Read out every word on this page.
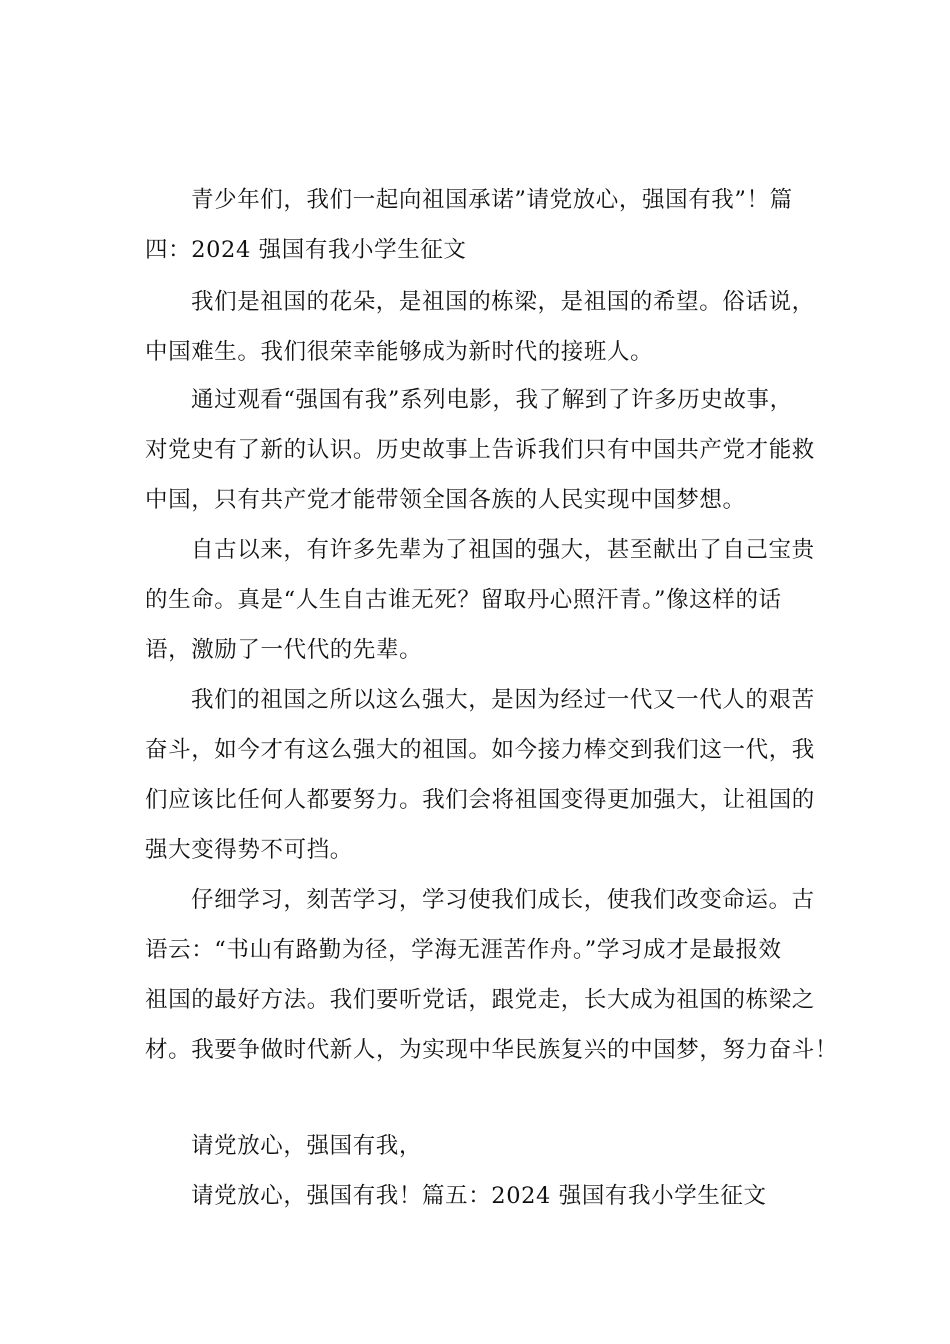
青少年们，我们一起向祖国承诺”请党放心，强国有我”！篇
四：2024 强国有我小学生征文
我们是祖国的花朵，是祖国的栋梁，是祖国的希望。俗话说，
中国难生。我们很荣幸能够成为新时代的接班人。
通过观看“强国有我”系列电影，我了解到了许多历史故事，
对党史有了新的认识。历史故事上告诉我们只有中国共产党才能救
中国，只有共产党才能带领全国各族的人民实现中国梦想。
自古以来，有许多先辈为了祖国的强大，甚至献出了自己宝贵
的生命。真是“人生自古谁无死？留取丹心照汗青。”像这样的话
语，激励了一代代的先辈。
我们的祖国之所以这么强大，是因为经过一代又一代人的艰苦
奋斗，如今才有这么强大的祖国。如今接力棒交到我们这一代，我
们应该比任何人都要努力。我们会将祖国变得更加强大，让祖国的
强大变得势不可挡。
仔细学习，刻苦学习，学习使我们成长，使我们改变命运。古
语云：“书山有路勤为径，学海无涯苦作舟。”学习成才是最报效
祖国的最好方法。我们要听党话，跟党走，长大成为祖国的栋梁之
材。我要争做时代新人，为实现中华民族复兴的中国梦，努力奋斗！
请党放心，强国有我，
请党放心，强国有我！篇五：2024 强国有我小学生征文
